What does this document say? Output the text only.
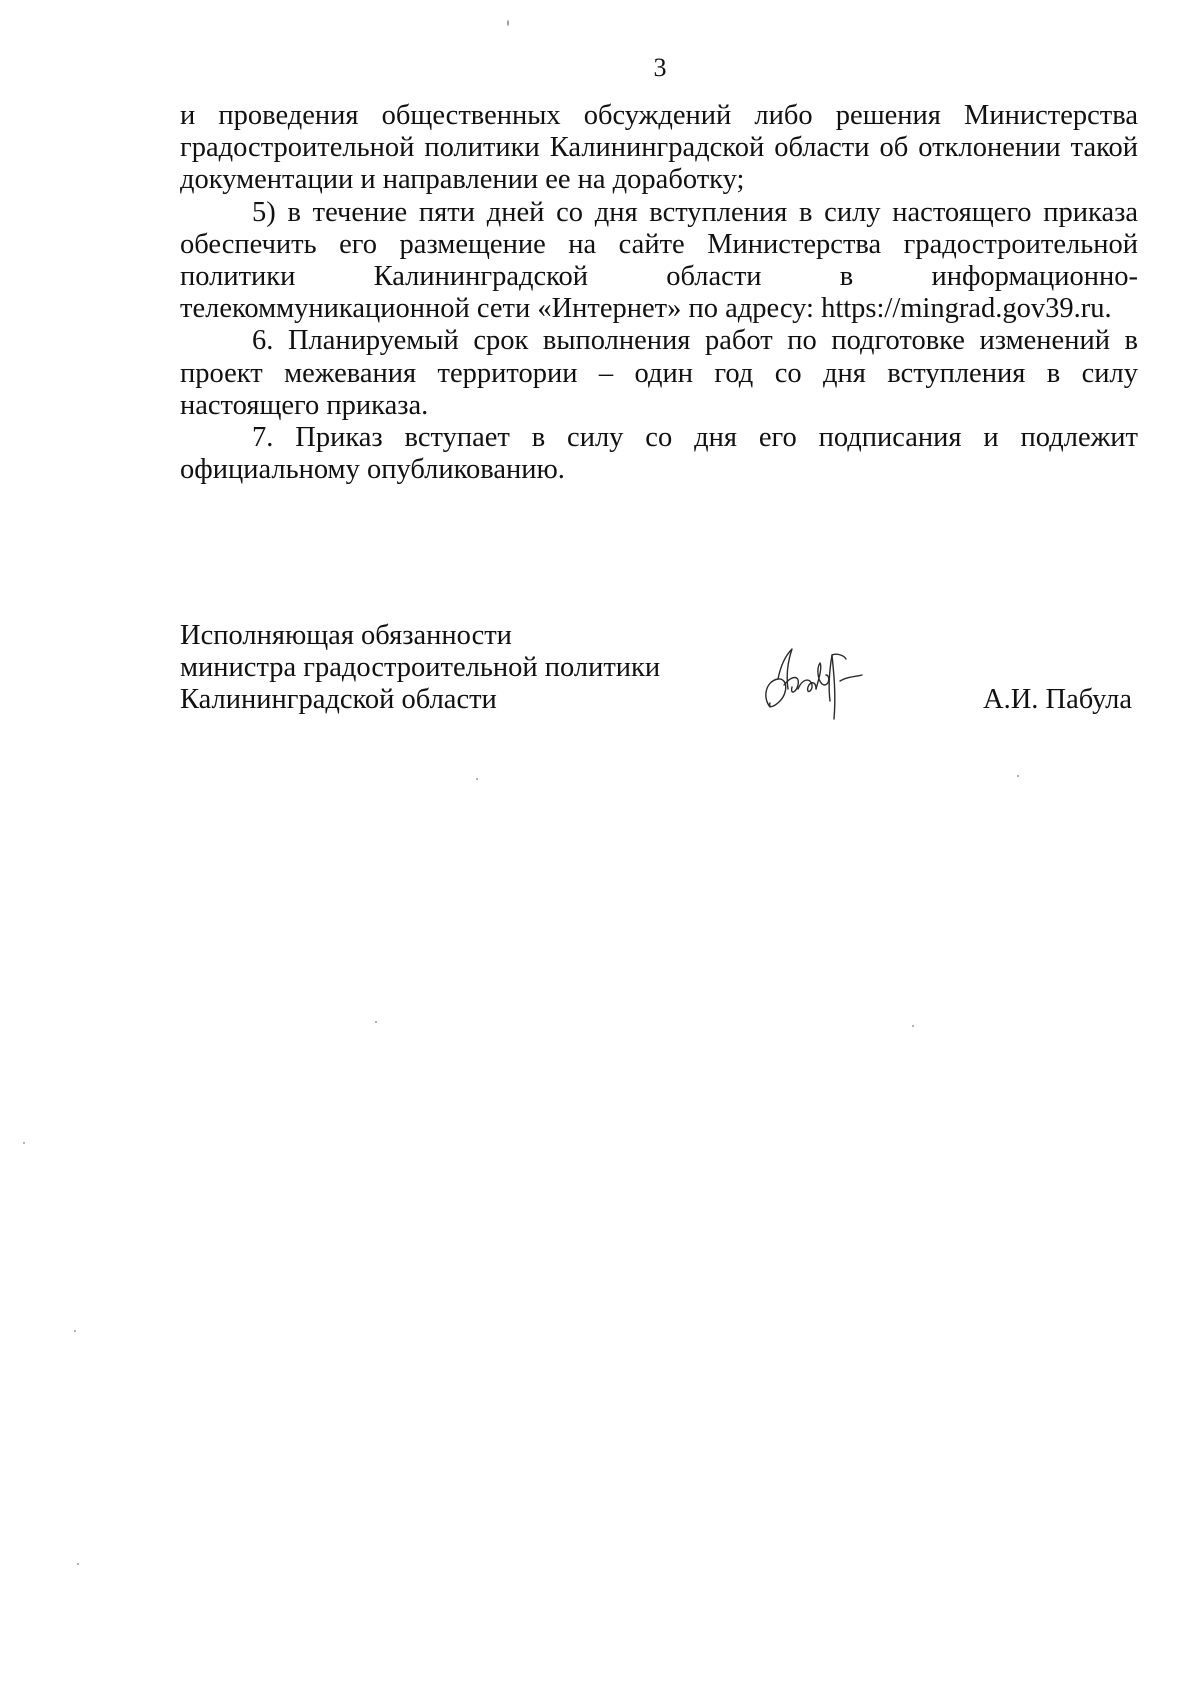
3

и проведения общественных обсуждений либо решения Министерства градостроительной политики Калининградской области об отклонении такой документации и направлении ее на доработку;

5) в течение пяти дней со дня вступления в силу настоящего приказа обеспечить его размещение на сайте Министерства градостроительной политики Калининградской области в информационно-телекоммуникационной сети «Интернет» по адресу: https://mingrad.gov39.ru.

6. Планируемый срок выполнения работ по подготовке изменений в проект межевания территории – один год со дня вступления в силу настоящего приказа.

7. Приказ вступает в силу со дня его подписания и подлежит официальному опубликованию.

Исполняющая обязанности
министра градостроительной политики
Калининградской области	А.И. Пабула
